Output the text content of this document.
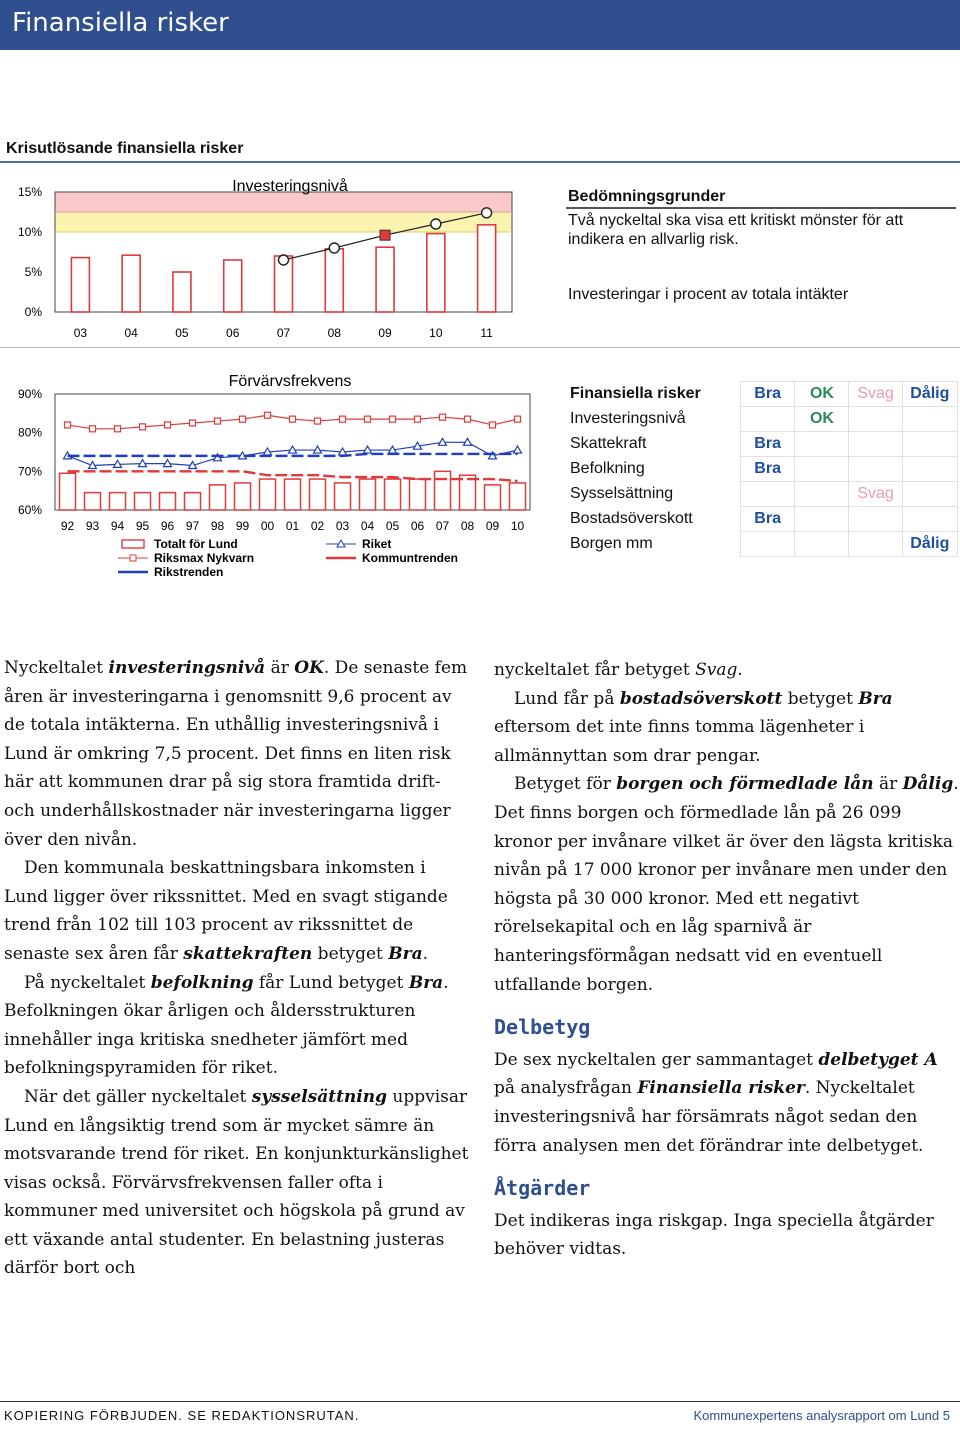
Finansiella risker
Krisutlösande finansiella risker
Investeringsnivå
0%
5%
10%
15%
03	04	05	06	07	08	09	10	11
Bedömningsgrunder
Två nyckeltal ska visa ett kritiskt mönster för att indikera en allvarlig risk.
Investeringar i procent av totala intäkter
Förvärvsfrekvens
60%
70%
80%
90%
92 93 94 95 96 97 98 99 00 01 02 03 04 05 06 07 08 09 10
Totalt för Lund	Riket
Riksmax Nykvarn	Kommuntrenden
Rikstrenden
Finansiella risker	Bra	OK	Svag	Dålig
Investeringsnivå		OK		
Skattekraft	Bra			
Befolkning	Bra			
Sysselsättning			Svag	
Bostadsöverskott	Bra			
Borgen mm				Dålig

Nyckeltalet investeringsnivå är OK. De senaste fem åren är investeringarna i genomsnitt 9,6 procent av de totala intäkterna. En uthållig investeringsnivå i Lund är omkring 7,5 procent. Det finns en liten risk här att kommunen drar på sig stora framtida drift- och underhållskostnader när investeringarna ligger över den nivån.

Den kommunala beskattningsbara inkomsten i Lund ligger över rikssnittet. Med en svagt stigande trend från 102 till 103 procent av rikssnittet de senaste sex åren får skattekraften betyget Bra.

På nyckeltalet befolkning får Lund betyget Bra. Befolkningen ökar årligen och åldersstrukturen innehåller inga kritiska snedheter jämfört med befolkningspyramiden för riket.

När det gäller nyckeltalet sysselsättning uppvisar Lund en långsiktig trend som är mycket sämre än motsvarande trend för riket. En konjunkturkänslighet visas också. Förvärvsfrekvensen faller ofta i kommuner med universitet och högskola på grund av ett växande antal studenter. En belastning justeras därför bort och

nyckeltalet får betyget Svag.

Lund får på bostadsöverskott betyget Bra eftersom det inte finns tomma lägenheter i allmännyttan som drar pengar.

Betyget för borgen och förmedlade lån är Dålig. Det finns borgen och förmedlade lån på 26 099 kronor per invånare vilket är över den lägsta kritiska nivån på 17 000 kronor per invånare men under den högsta på 30 000 kronor. Med ett negativt rörelsekapital och en låg sparnivå är hanteringsförmågan nedsatt vid en eventuell utfallande borgen.

Delbetyg

De sex nyckeltalen ger sammantaget delbetyget A på analysfrågan Finansiella risker. Nyckeltalet investeringsnivå har försämrats något sedan den förra analysen men det förändrar inte delbetyget.

Åtgärder

Det indikeras inga riskgap. Inga speciella åtgärder behöver vidtas.

KOPIERING FÖRBJUDEN. SE REDAKTIONSRUTAN.	Kommunexpertens analysrapport om Lund 5
